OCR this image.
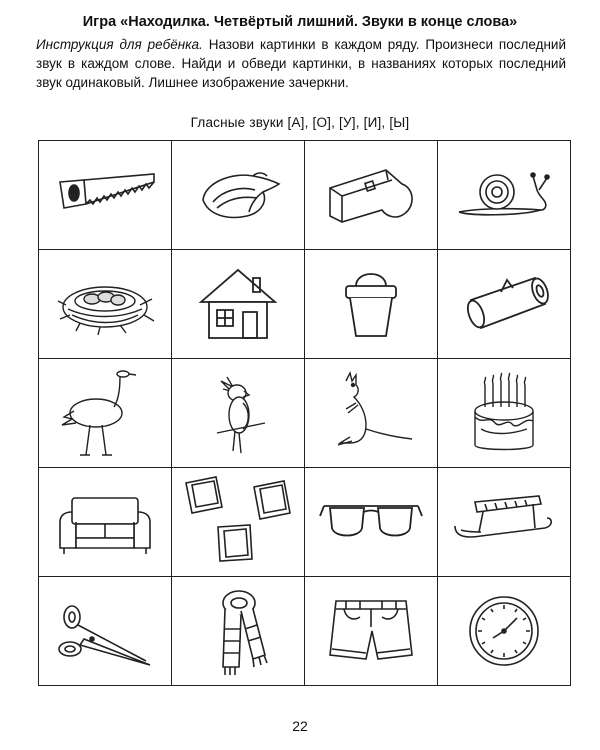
Игра «Находилка. Четвёртый лишний. Звуки в конце слова»
Инструкция для ребёнка. Назови картинки в каждом ряду. Произнеси последний звук в каждом слове. Найди и обведи картинки, в названиях которых последний звук одинаковый. Лишнее изображение зачеркни.
Гласные звуки [А], [О], [У], [И], [Ы]

22
